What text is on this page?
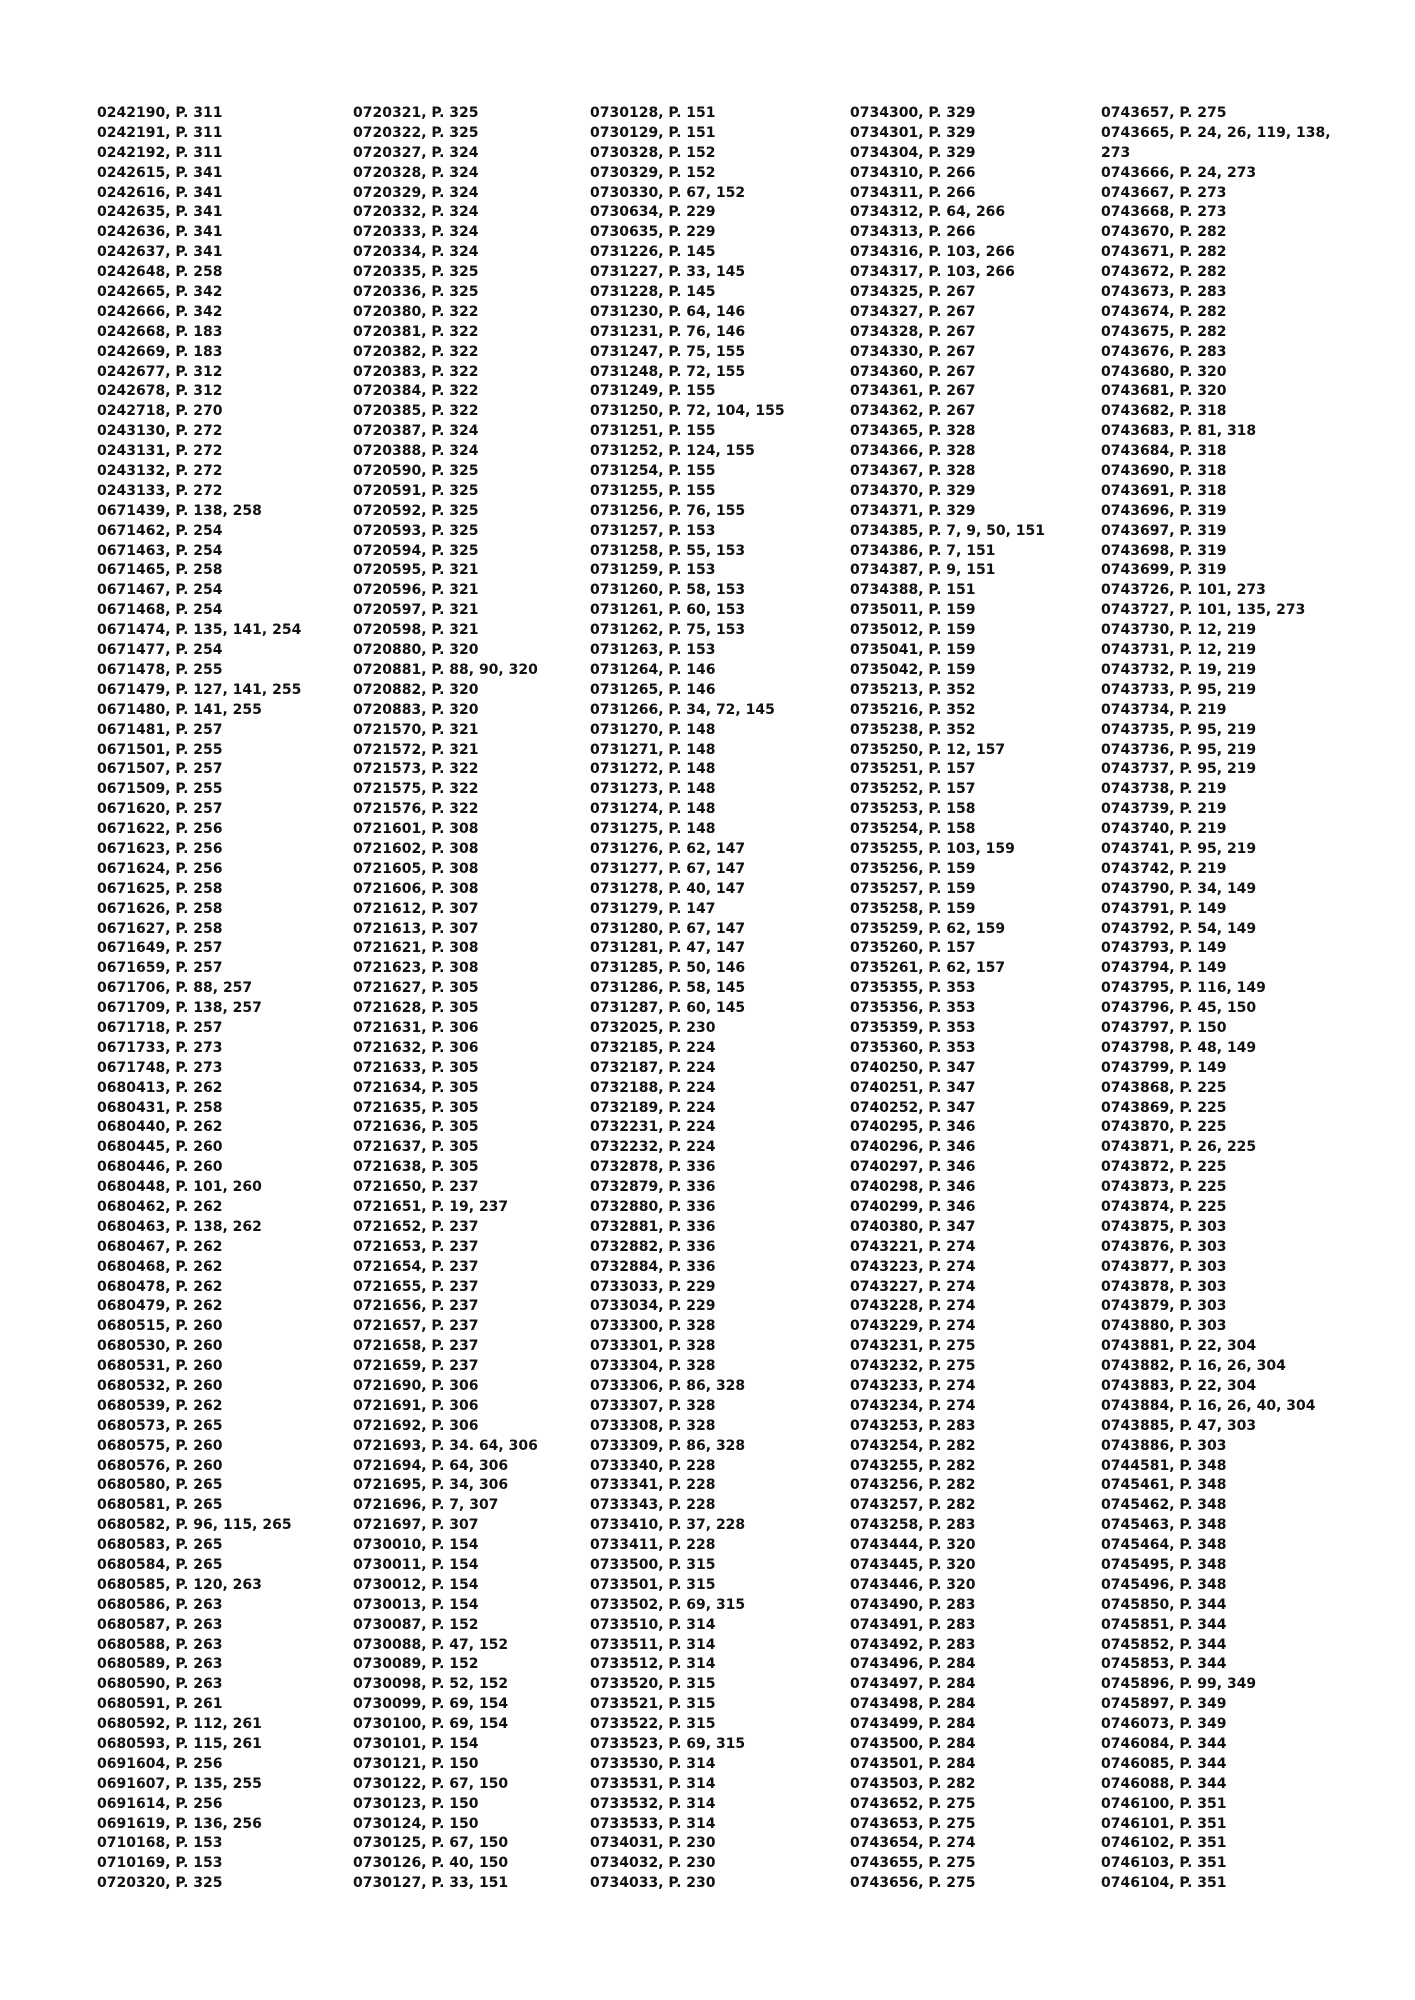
0242190, P. 311
0242191, P. 311
0242192, P. 311
0242615, P. 341
0242616, P. 341
0242635, P. 341
0242636, P. 341
0242637, P. 341
0242648, P. 258
0242665, P. 342
0242666, P. 342
0242668, P. 183
0242669, P. 183
0242677, P. 312
0242678, P. 312
0242718, P. 270
0243130, P. 272
0243131, P. 272
0243132, P. 272
0243133, P. 272
0671439, P. 138, 258
0671462, P. 254
0671463, P. 254
0671465, P. 258
0671467, P. 254
0671468, P. 254
0671474, P. 135, 141, 254
0671477, P. 254
0671478, P. 255
0671479, P. 127, 141, 255
0671480, P. 141, 255
0671481, P. 257
0671501, P. 255
0671507, P. 257
0671509, P. 255
0671620, P. 257
0671622, P. 256
0671623, P. 256
0671624, P. 256
0671625, P. 258
0671626, P. 258
0671627, P. 258
0671649, P. 257
0671659, P. 257
0671706, P. 88, 257
0671709, P. 138, 257
0671718, P. 257
0671733, P. 273
0671748, P. 273
0680413, P. 262
0680431, P. 258
0680440, P. 262
0680445, P. 260
0680446, P. 260
0680448, P. 101, 260
0680462, P. 262
0680463, P. 138, 262
0680467, P. 262
0680468, P. 262
0680478, P. 262
0680479, P. 262
0680515, P. 260
0680530, P. 260
0680531, P. 260
0680532, P. 260
0680539, P. 262
0680573, P. 265
0680575, P. 260
0680576, P. 260
0680580, P. 265
0680581, P. 265
0680582, P. 96, 115, 265
0680583, P. 265
0680584, P. 265
0680585, P. 120, 263
0680586, P. 263
0680587, P. 263
0680588, P. 263
0680589, P. 263
0680590, P. 263
0680591, P. 261
0680592, P. 112, 261
0680593, P. 115, 261
0691604, P. 256
0691607, P. 135, 255
0691614, P. 256
0691619, P. 136, 256
0710168, P. 153
0710169, P. 153
0720320, P. 325
0720321, P. 325
0720322, P. 325
0720327, P. 324
0720328, P. 324
0720329, P. 324
0720332, P. 324
0720333, P. 324
0720334, P. 324
0720335, P. 325
0720336, P. 325
0720380, P. 322
0720381, P. 322
0720382, P. 322
0720383, P. 322
0720384, P. 322
0720385, P. 322
0720387, P. 324
0720388, P. 324
0720590, P. 325
0720591, P. 325
0720592, P. 325
0720593, P. 325
0720594, P. 325
0720595, P. 321
0720596, P. 321
0720597, P. 321
0720598, P. 321
0720880, P. 320
0720881, P. 88, 90, 320
0720882, P. 320
0720883, P. 320
0721570, P. 321
0721572, P. 321
0721573, P. 322
0721575, P. 322
0721576, P. 322
0721601, P. 308
0721602, P. 308
0721605, P. 308
0721606, P. 308
0721612, P. 307
0721613, P. 307
0721621, P. 308
0721623, P. 308
0721627, P. 305
0721628, P. 305
0721631, P. 306
0721632, P. 306
0721633, P. 305
0721634, P. 305
0721635, P. 305
0721636, P. 305
0721637, P. 305
0721638, P. 305
0721650, P. 237
0721651, P. 19, 237
0721652, P. 237
0721653, P. 237
0721654, P. 237
0721655, P. 237
0721656, P. 237
0721657, P. 237
0721658, P. 237
0721659, P. 237
0721690, P. 306
0721691, P. 306
0721692, P. 306
0721693, P. 34. 64, 306
0721694, P. 64, 306
0721695, P. 34, 306
0721696, P. 7, 307
0721697, P. 307
0730010, P. 154
0730011, P. 154
0730012, P. 154
0730013, P. 154
0730087, P. 152
0730088, P. 47, 152
0730089, P. 152
0730098, P. 52, 152
0730099, P. 69, 154
0730100, P. 69, 154
0730101, P. 154
0730121, P. 150
0730122, P. 67, 150
0730123, P. 150
0730124, P. 150
0730125, P. 67, 150
0730126, P. 40, 150
0730127, P. 33, 151
0730128, P. 151
0730129, P. 151
0730328, P. 152
0730329, P. 152
0730330, P. 67, 152
0730634, P. 229
0730635, P. 229
0731226, P. 145
0731227, P. 33, 145
0731228, P. 145
0731230, P. 64, 146
0731231, P. 76, 146
0731247, P. 75, 155
0731248, P. 72, 155
0731249, P. 155
0731250, P. 72, 104, 155
0731251, P. 155
0731252, P. 124, 155
0731254, P. 155
0731255, P. 155
0731256, P. 76, 155
0731257, P. 153
0731258, P. 55, 153
0731259, P. 153
0731260, P. 58, 153
0731261, P. 60, 153
0731262, P. 75, 153
0731263, P. 153
0731264, P. 146
0731265, P. 146
0731266, P. 34, 72, 145
0731270, P. 148
0731271, P. 148
0731272, P. 148
0731273, P. 148
0731274, P. 148
0731275, P. 148
0731276, P. 62, 147
0731277, P. 67, 147
0731278, P. 40, 147
0731279, P. 147
0731280, P. 67, 147
0731281, P. 47, 147
0731285, P. 50, 146
0731286, P. 58, 145
0731287, P. 60, 145
0732025, P. 230
0732185, P. 224
0732187, P. 224
0732188, P. 224
0732189, P. 224
0732231, P. 224
0732232, P. 224
0732878, P. 336
0732879, P. 336
0732880, P. 336
0732881, P. 336
0732882, P. 336
0732884, P. 336
0733033, P. 229
0733034, P. 229
0733300, P. 328
0733301, P. 328
0733304, P. 328
0733306, P. 86, 328
0733307, P. 328
0733308, P. 328
0733309, P. 86, 328
0733340, P. 228
0733341, P. 228
0733343, P. 228
0733410, P. 37, 228
0733411, P. 228
0733500, P. 315
0733501, P. 315
0733502, P. 69, 315
0733510, P. 314
0733511, P. 314
0733512, P. 314
0733520, P. 315
0733521, P. 315
0733522, P. 315
0733523, P. 69, 315
0733530, P. 314
0733531, P. 314
0733532, P. 314
0733533, P. 314
0734031, P. 230
0734032, P. 230
0734033, P. 230
0734300, P. 329
0734301, P. 329
0734304, P. 329
0734310, P. 266
0734311, P. 266
0734312, P. 64, 266
0734313, P. 266
0734316, P. 103, 266
0734317, P. 103, 266
0734325, P. 267
0734327, P. 267
0734328, P. 267
0734330, P. 267
0734360, P. 267
0734361, P. 267
0734362, P. 267
0734365, P. 328
0734366, P. 328
0734367, P. 328
0734370, P. 329
0734371, P. 329
0734385, P. 7, 9, 50, 151
0734386, P. 7, 151
0734387, P. 9, 151
0734388, P. 151
0735011, P. 159
0735012, P. 159
0735041, P. 159
0735042, P. 159
0735213, P. 352
0735216, P. 352
0735238, P. 352
0735250, P. 12, 157
0735251, P. 157
0735252, P. 157
0735253, P. 158
0735254, P. 158
0735255, P. 103, 159
0735256, P. 159
0735257, P. 159
0735258, P. 159
0735259, P. 62, 159
0735260, P. 157
0735261, P. 62, 157
0735355, P. 353
0735356, P. 353
0735359, P. 353
0735360, P. 353
0740250, P. 347
0740251, P. 347
0740252, P. 347
0740295, P. 346
0740296, P. 346
0740297, P. 346
0740298, P. 346
0740299, P. 346
0740380, P. 347
0743221, P. 274
0743223, P. 274
0743227, P. 274
0743228, P. 274
0743229, P. 274
0743231, P. 275
0743232, P. 275
0743233, P. 274
0743234, P. 274
0743253, P. 283
0743254, P. 282
0743255, P. 282
0743256, P. 282
0743257, P. 282
0743258, P. 283
0743444, P. 320
0743445, P. 320
0743446, P. 320
0743490, P. 283
0743491, P. 283
0743492, P. 283
0743496, P. 284
0743497, P. 284
0743498, P. 284
0743499, P. 284
0743500, P. 284
0743501, P. 284
0743503, P. 282
0743652, P. 275
0743653, P. 275
0743654, P. 274
0743655, P. 275
0743656, P. 275
0743657, P. 275
0743665, P. 24, 26, 119, 138,
273
0743666, P. 24, 273
0743667, P. 273
0743668, P. 273
0743670, P. 282
0743671, P. 282
0743672, P. 282
0743673, P. 283
0743674, P. 282
0743675, P. 282
0743676, P. 283
0743680, P. 320
0743681, P. 320
0743682, P. 318
0743683, P. 81, 318
0743684, P. 318
0743690, P. 318
0743691, P. 318
0743696, P. 319
0743697, P. 319
0743698, P. 319
0743699, P. 319
0743726, P. 101, 273
0743727, P. 101, 135, 273
0743730, P. 12, 219
0743731, P. 12, 219
0743732, P. 19, 219
0743733, P. 95, 219
0743734, P. 219
0743735, P. 95, 219
0743736, P. 95, 219
0743737, P. 95, 219
0743738, P. 219
0743739, P. 219
0743740, P. 219
0743741, P. 95, 219
0743742, P. 219
0743790, P. 34, 149
0743791, P. 149
0743792, P. 54, 149
0743793, P. 149
0743794, P. 149
0743795, P. 116, 149
0743796, P. 45, 150
0743797, P. 150
0743798, P. 48, 149
0743799, P. 149
0743868, P. 225
0743869, P. 225
0743870, P. 225
0743871, P. 26, 225
0743872, P. 225
0743873, P. 225
0743874, P. 225
0743875, P. 303
0743876, P. 303
0743877, P. 303
0743878, P. 303
0743879, P. 303
0743880, P. 303
0743881, P. 22, 304
0743882, P. 16, 26, 304
0743883, P. 22, 304
0743884, P. 16, 26, 40, 304
0743885, P. 47, 303
0743886, P. 303
0744581, P. 348
0745461, P. 348
0745462, P. 348
0745463, P. 348
0745464, P. 348
0745495, P. 348
0745496, P. 348
0745850, P. 344
0745851, P. 344
0745852, P. 344
0745853, P. 344
0745896, P. 99, 349
0745897, P. 349
0746073, P. 349
0746084, P. 344
0746085, P. 344
0746088, P. 344
0746100, P. 351
0746101, P. 351
0746102, P. 351
0746103, P. 351
0746104, P. 351
